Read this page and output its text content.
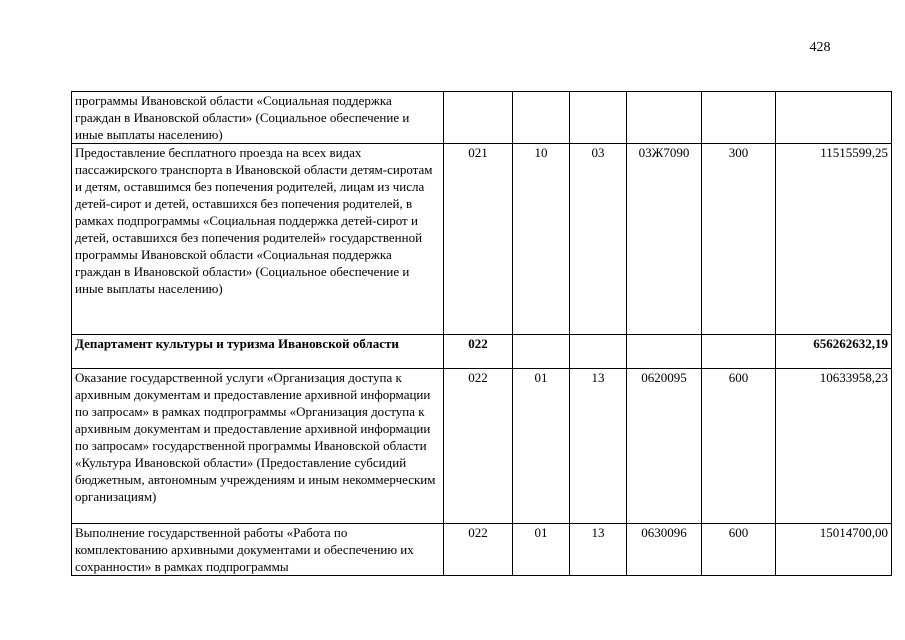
428
программы Ивановской области «Социальная поддержка граждан в Ивановской области» (Социальное обеспечение и иные выплаты населению)						
Предоставление бесплатного проезда на всех видах пассажирского транспорта в Ивановской области детям-сиротам и детям, оставшимся без попечения родителей, лицам из числа детей-сирот и детей, оставшихся без попечения родителей, в рамках подпрограммы «Социальная поддержка детей-сирот и детей, оставшихся без попечения родителей» государственной программы Ивановской области «Социальная поддержка граждан в Ивановской области» (Социальное обеспечение и иные выплаты населению)	021	10	03	03Ж7090	300	11515599,25
Департамент культуры и туризма Ивановской области	022					656262632,19
Оказание государственной услуги «Организация доступа к архивным документам и предоставление архивной информации по запросам» в рамках подпрограммы «Организация доступа к архивным документам и предоставление архивной информации по запросам» государственной программы Ивановской области «Культура Ивановской области» (Предоставление субсидий бюджетным, автономным учреждениям и иным некоммерческим организациям)	022	01	13	0620095	600	10633958,23
Выполнение государственной работы «Работа по комплектованию архивными документами и обеспечению их сохранности» в рамках подпрограммы	022	01	13	0630096	600	15014700,00
